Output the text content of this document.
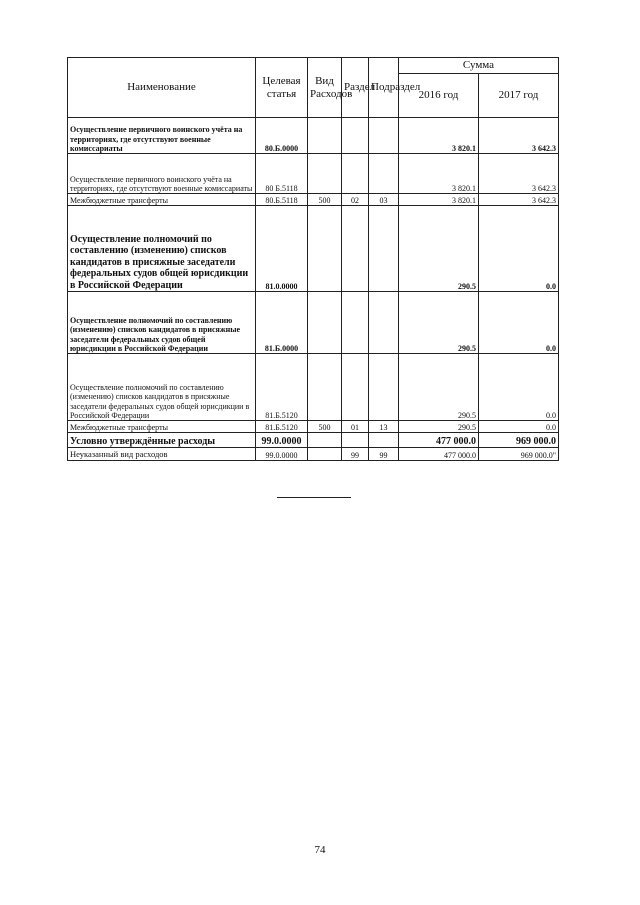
Наименование	Целевая статья	Вид Расходов	Раздел	Подраздел	Сумма	
					2016 год	2017 год
Осуществление первичного воинского учёта на территориях, где отсутствуют военные комиссариаты	80.Б.0000				3 820.1	3 642.3
Осуществление первичного воинского учёта на территориях, где отсутствуют военные комиссариаты	80 Б.5118				3 820.1	3 642.3
Межбюджетные трансферты	80.Б.5118	500	02	03	3 820.1	3 642.3
Осуществление полномочий по составлению (изменению) списков кандидатов в присяжные заседатели федеральных судов общей юрисдикции в Российской Федерации	81.0.0000				290.5	0.0
Осуществление полномочий по составлению (изменению) списков кандидатов в присяжные заседатели федеральных судов общей юрисдикции в Российской Федерации	81.Б.0000				290.5	0.0
Осуществление полномочий по составлению (изменению) списков кандидатов в присяжные заседатели федеральных судов общей юрисдикции в Российской Федерации	81.Б.5120				290.5	0.0
Межбюджетные трансферты	81.Б.5120	500	01	13	290.5	0.0
Условно утверждённые расходы	99.0.0000				477 000.0	969 000.0
Неуказанный вид расходов	99.0.0000		99	99	477 000.0	969 000.0"
74
